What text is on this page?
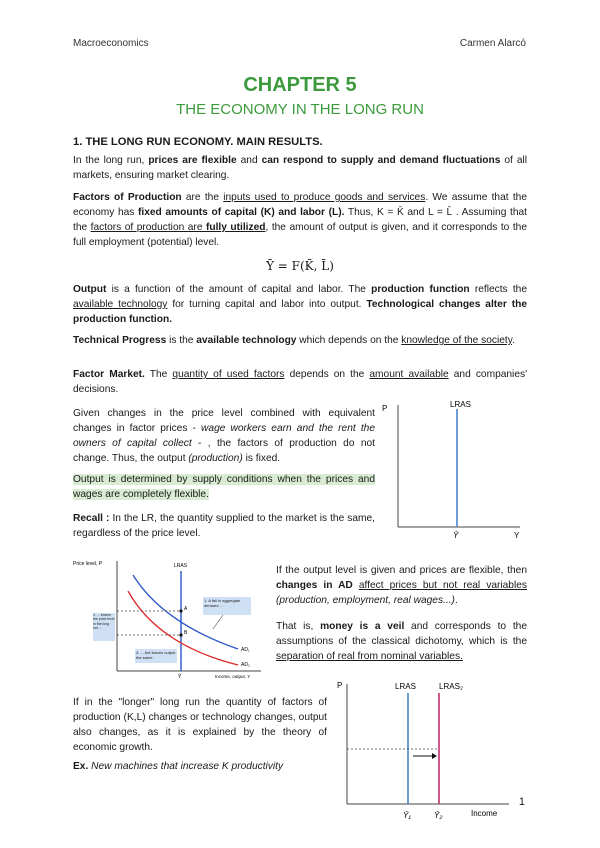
Macroeconomics	Carmen Alarcó
CHAPTER 5
THE ECONOMY IN THE LONG RUN
1. THE LONG RUN ECONOMY. MAIN RESULTS.

In the long run, prices are flexible and can respond to supply and demand fluctuations of all markets, ensuring market clearing.

Factors of Production are the inputs used to produce goods and services. We assume that the economy has fixed amounts of capital (K) and labor (L). Thus, K = K̄ and L = L̄ . Assuming that the factors of production are fully utilized, the amount of output is given, and it corresponds to the full employment (potential) level.

Ȳ = F(K̄, L̄)

Output is a function of the amount of capital and labor. The production function reflects the available technology for turning capital and labor into output. Technological changes alter the production function.

Technical Progress is the available technology which depends on the knowledge of the society.

Factor Market. The quantity of used factors depends on the amount available and companies' decisions.

Given changes in the price level combined with equivalent changes in factor prices - wage workers earn and the rent the owners of capital collect - , the factors of production do not change. Thus, the output (production) is fixed.

Output is determined by supply conditions when the prices and wages are completely flexible.

Recall : In the LR, the quantity supplied to the market is the same, regardless of the price level.

P	LRAS
Ȳ	Y
Price level, P	LRAS
AD₁
AD₂
A
B
1. A fall in aggregate demand ...
2. ... lowers the price level in the long run ...
3. ... but leaves output the same.
Ȳ	Income, output, Y

If the output level is given and prices are flexible, then changes in AD affect prices but not real variables (production, employment, real wages...).

That is, money is a veil and corresponds to the assumptions of the classical dichotomy, which is the separation of real from nominal variables.

If in the "longer" long run the quantity of factors of production (K,L) changes or technology changes, output also changes, as it is explained by the theory of economic growth.

Ex. New machines that increase K productivity

P	LRAS	LRAS₂
Ȳ₁	Ȳ₂	Income
1
